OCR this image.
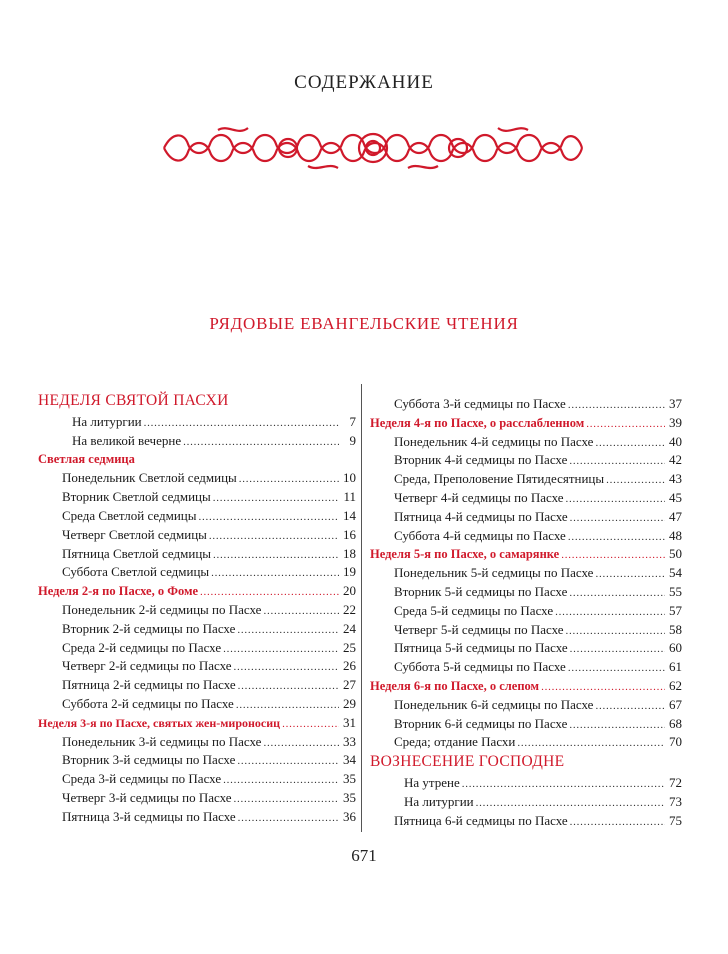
СОДЕРЖАНИЕ
РЯДОВЫЕ ЕВАНГЕЛЬСКИЕ ЧТЕНИЯ
НЕДЕЛЯ СВЯТОЙ ПАСХИ
На литургии . . .	7
На великой вечерне . . .	9
Светлая седмица
Понедельник Светлой седмицы . . .	10
Вторник Светлой седмицы . . .	11
Среда Светлой седмицы . . .	14
Четверг Светлой седмицы . . .	16
Пятница Светлой седмицы . . .	18
Суббота Светлой седмицы . . .	19
Неделя 2-я по Пасхе, о Фоме . . .	20
Понедельник 2-й седмицы по Пасхе . . .	22
Вторник 2-й седмицы по Пасхе . . .	24
Среда 2-й седмицы по Пасхе . . .	25
Четверг 2-й седмицы по Пасхе . . .	26
Пятница 2-й седмицы по Пасхе . . .	27
Суббота 2-й седмицы по Пасхе . . .	29
Неделя 3-я по Пасхе, святых жен-мироносиц . . .	31
Понедельник 3-й седмицы по Пасхе . . .	33
Вторник 3-й седмицы по Пасхе . . .	34
Среда 3-й седмицы по Пасхе . . .	35
Четверг 3-й седмицы по Пасхе . . .	35
Пятница 3-й седмицы по Пасхе . . .	36
Суббота 3-й седмицы по Пасхе . . .	37
Неделя 4-я по Пасхе, о расслабленном . . .	39
Понедельник 4-й седмицы по Пасхе . . .	40
Вторник 4-й седмицы по Пасхе . . .	42
Среда, Преполовение Пятидесятницы . . .	43
Четверг 4-й седмицы по Пасхе . . .	45
Пятница 4-й седмицы по Пасхе . . .	47
Суббота 4-й седмицы по Пасхе . . .	48
Неделя 5-я по Пасхе, о самарянке . . .	50
Понедельник 5-й седмицы по Пасхе . . .	54
Вторник 5-й седмицы по Пасхе . . .	55
Среда 5-й седмицы по Пасхе . . .	57
Четверг 5-й седмицы по Пасхе . . .	58
Пятница 5-й седмицы по Пасхе . . .	60
Суббота 5-й седмицы по Пасхе . . .	61
Неделя 6-я по Пасхе, о слепом . . .	62
Понедельник 6-й седмицы по Пасхе . . .	67
Вторник 6-й седмицы по Пасхе . . .	68
Среда; отдание Пасхи . . .	70
ВОЗНЕСЕНИЕ ГОСПОДНЕ
На утрене . . .	72
На литургии . . .	73
Пятница 6-й седмицы по Пасхе . . .	75
671
